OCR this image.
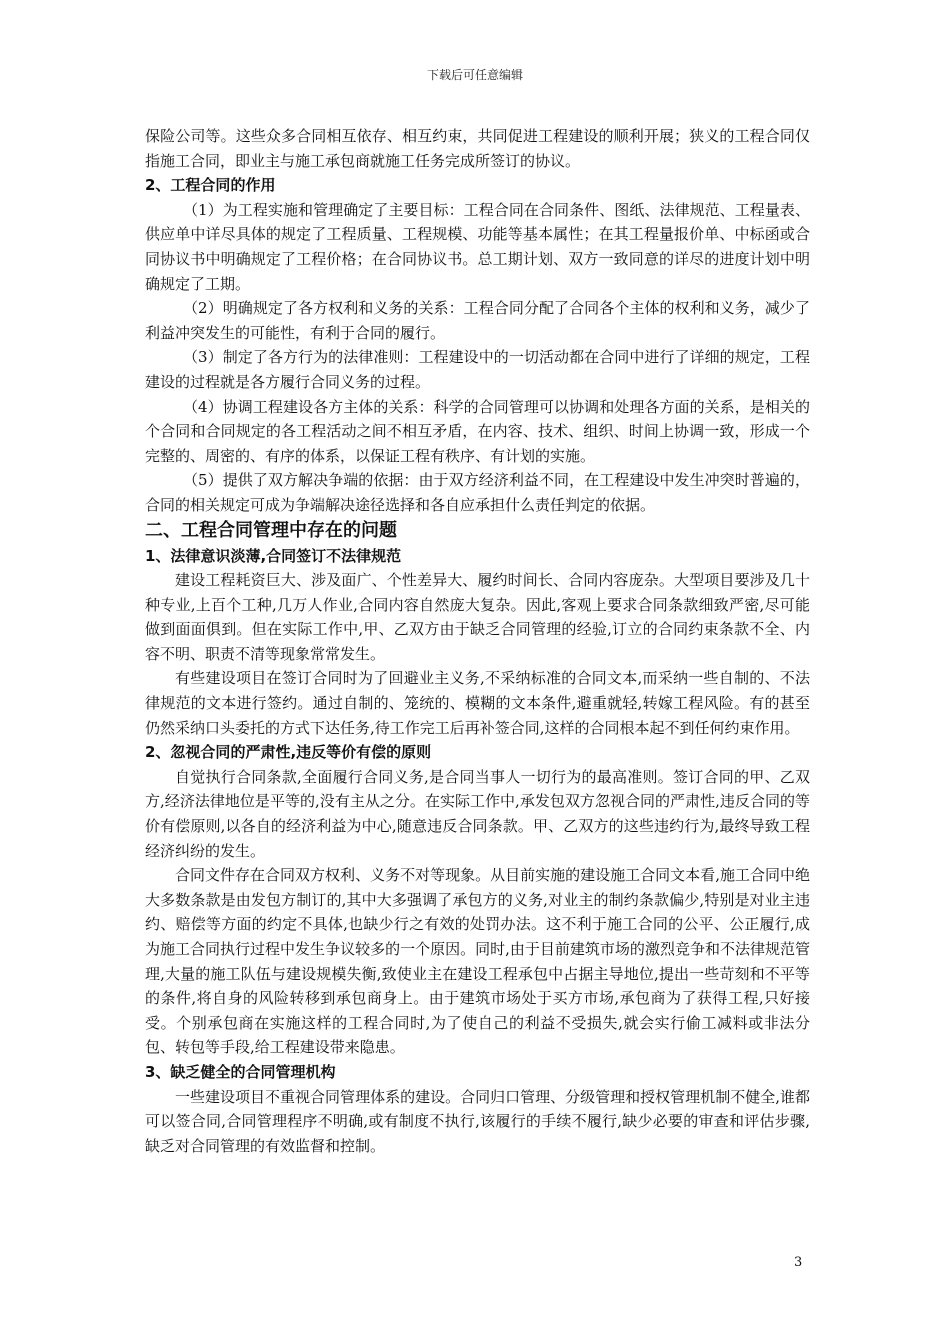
下载后可任意编辑

保险公司等。这些众多合同相互依存、相互约束，共同促进工程建设的顺利开展；狭义的工程合同仅指施工合同，即业主与施工承包商就施工任务完成所签订的协议。

2、工程合同的作用

（1）为工程实施和管理确定了主要目标：工程合同在合同条件、图纸、法律规范、工程量表、供应单中详尽具体的规定了工程质量、工程规模、功能等基本属性；在其工程量报价单、中标函或合同协议书中明确规定了工程价格；在合同协议书。总工期计划、双方一致同意的详尽的进度计划中明确规定了工期。

（2）明确规定了各方权利和义务的关系：工程合同分配了合同各个主体的权利和义务，减少了利益冲突发生的可能性，有利于合同的履行。

（3）制定了各方行为的法律准则：工程建设中的一切活动都在合同中进行了详细的规定，工程建设的过程就是各方履行合同义务的过程。

（4）协调工程建设各方主体的关系：科学的合同管理可以协调和处理各方面的关系，是相关的个合同和合同规定的各工程活动之间不相互矛盾，在内容、技术、组织、时间上协调一致，形成一个完整的、周密的、有序的体系，以保证工程有秩序、有计划的实施。

（5）提供了双方解决争端的依据：由于双方经济利益不同，在工程建设中发生冲突时普遍的，合同的相关规定可成为争端解决途径选择和各自应承担什么责任判定的依据。

二、工程合同管理中存在的问题

1、法律意识淡薄,合同签订不法律规范

建设工程耗资巨大、涉及面广、个性差异大、履约时间长、合同内容庞杂。大型项目要涉及几十种专业,上百个工种,几万人作业,合同内容自然庞大复杂。因此,客观上要求合同条款细致严密,尽可能做到面面俱到。但在实际工作中,甲、乙双方由于缺乏合同管理的经验,订立的合同约束条款不全、内容不明、职责不清等现象常常发生。

有些建设项目在签订合同时为了回避业主义务,不采纳标准的合同文本,而采纳一些自制的、不法律规范的文本进行签约。通过自制的、笼统的、模糊的文本条件,避重就轻,转嫁工程风险。有的甚至仍然采纳口头委托的方式下达任务,待工作完工后再补签合同,这样的合同根本起不到任何约束作用。

2、忽视合同的严肃性,违反等价有偿的原则

自觉执行合同条款,全面履行合同义务,是合同当事人一切行为的最高准则。签订合同的甲、乙双方,经济法律地位是平等的,没有主从之分。在实际工作中,承发包双方忽视合同的严肃性,违反合同的等价有偿原则,以各自的经济利益为中心,随意违反合同条款。甲、乙双方的这些违约行为,最终导致工程经济纠纷的发生。

合同文件存在合同双方权利、义务不对等现象。从目前实施的建设施工合同文本看,施工合同中绝大多数条款是由发包方制订的,其中大多强调了承包方的义务,对业主的制约条款偏少,特别是对业主违约、赔偿等方面的约定不具体,也缺少行之有效的处罚办法。这不利于施工合同的公平、公正履行,成为施工合同执行过程中发生争议较多的一个原因。同时,由于目前建筑市场的激烈竞争和不法律规范管理,大量的施工队伍与建设规模失衡,致使业主在建设工程承包中占据主导地位,提出一些苛刻和不平等的条件,将自身的风险转移到承包商身上。由于建筑市场处于买方市场,承包商为了获得工程,只好接受。个别承包商在实施这样的工程合同时,为了使自己的利益不受损失,就会实行偷工减料或非法分包、转包等手段,给工程建设带来隐患。

3、缺乏健全的合同管理机构

一些建设项目不重视合同管理体系的建设。合同归口管理、分级管理和授权管理机制不健全,谁都可以签合同,合同管理程序不明确,或有制度不执行,该履行的手续不履行,缺少必要的审查和评估步骤,缺乏对合同管理的有效监督和控制。

3
